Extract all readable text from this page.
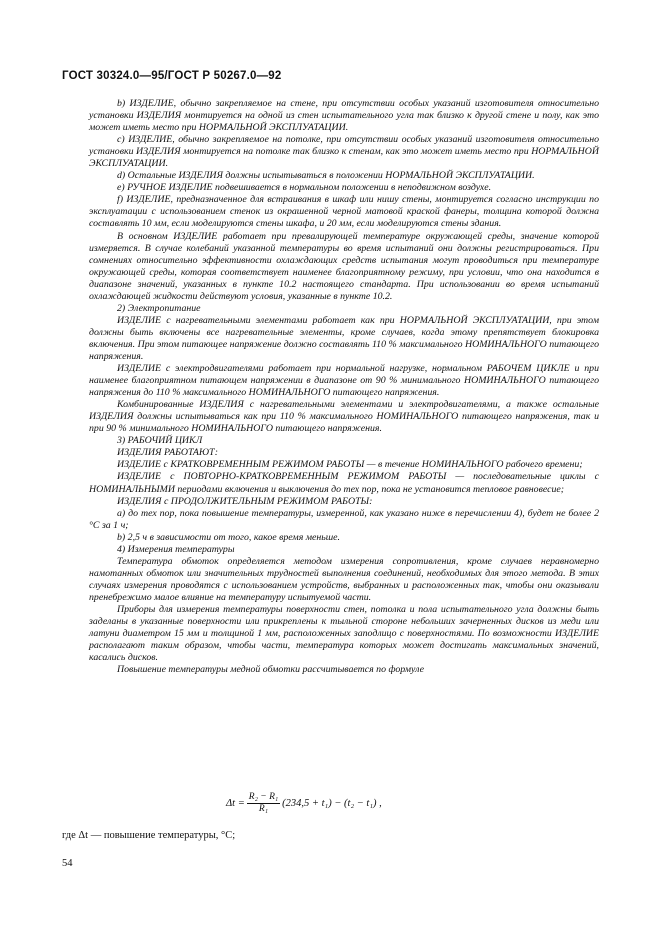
ГОСТ 30324.0—95/ГОСТ Р 50267.0—92

b) ИЗДЕЛИЕ, обычно закрепляемое на стене, при отсутствии особых указаний изготовителя относительно установки ИЗДЕЛИЯ монтируется на одной из стен испытательного угла так близко к другой стене и полу, как это может иметь место при НОРМАЛЬНОЙ ЭКСПЛУАТАЦИИ.

c) ИЗДЕЛИЕ, обычно закрепляемое на потолке, при отсутствии особых указаний изготовителя относительно установки ИЗДЕЛИЯ монтируется на потолке так близко к стенам, как это может иметь место при НОРМАЛЬНОЙ ЭКСПЛУАТАЦИИ.

d) Остальные ИЗДЕЛИЯ должны испытываться в положении НОРМАЛЬНОЙ ЭКСПЛУАТАЦИИ.

e) РУЧНОЕ ИЗДЕЛИЕ подвешивается в нормальном положении в неподвижном воздухе.

f) ИЗДЕЛИЕ, предназначенное для встраивания в шкаф или нишу стены, монтируется согласно инструкции по эксплуатации с использованием стенок из окрашенной черной матовой краской фанеры, толщина которой должна составлять 10 мм, если моделируются стены шкафа, и 20 мм, если моделируются стены здания.

В основном ИЗДЕЛИЕ работает при превалирующей температуре окружающей среды, значение которой измеряется. В случае колебаний указанной температуры во время испытаний они должны регистрироваться. При сомнениях относительно эффективности охлаждающих средств испытания могут проводиться при температуре окружающей среды, которая соответствует наименее благоприятному режиму, при условии, что она находится в диапазоне значений, указанных в пункте 10.2 настоящего стандарта. При использовании во время испытаний охлаждающей жидкости действуют условия, указанные в пункте 10.2.

2) Электропитание

ИЗДЕЛИЕ с нагревательными элементами работает как при НОРМАЛЬНОЙ ЭКСПЛУАТАЦИИ, при этом должны быть включены все нагревательные элементы, кроме случаев, когда этому препятствует блокировка включения. При этом питающее напряжение должно составлять 110 % максимального НОМИНАЛЬНОГО питающего напряжения.

ИЗДЕЛИЕ с электродвигателями работает при нормальной нагрузке, нормальном РАБОЧЕМ ЦИКЛЕ и при наименее благоприятном питающем напряжении в диапазоне от 90 % минимального НОМИНАЛЬНОГО питающего напряжения до 110 % максимального НОМИНАЛЬНОГО питающего напряжения.

Комбинированные ИЗДЕЛИЯ с нагревательными элементами и электродвигателями, а также остальные ИЗДЕЛИЯ должны испытываться как при 110 % максимального НОМИНАЛЬНОГО питающего напряжения, так и при 90 % минимального НОМИНАЛЬНОГО питающего напряжения.

3) РАБОЧИЙ ЦИКЛ

ИЗДЕЛИЯ РАБОТАЮТ:

ИЗДЕЛИЕ с КРАТКОВРЕМЕННЫМ РЕЖИМОМ РАБОТЫ — в течение НОМИНАЛЬНОГО рабочего времени;

ИЗДЕЛИЕ с ПОВТОРНО-КРАТКОВРЕМЕННЫМ РЕЖИМОМ РАБОТЫ — последовательные циклы с НОМИНАЛЬНЫМИ периодами включения и выключения до тех пор, пока не установится тепловое равновесие;

ИЗДЕЛИЯ с ПРОДОЛЖИТЕЛЬНЫМ РЕЖИМОМ РАБОТЫ:

a) до тех пор, пока повышение температуры, измеренной, как указано ниже в перечислении 4), будет не более 2 °С за 1 ч;

b) 2,5 ч в зависимости от того, какое время меньше.

4) Измерения температуры

Температура обмоток определяется методом измерения сопротивления, кроме случаев неравномерно намотанных обмоток или значительных трудностей выполнения соединений, необходимых для этого метода. В этих случаях измерения проводятся с использованием устройств, выбранных и расположенных так, чтобы они оказывали пренебрежимо малое влияние на температуру испытуемой части.

Приборы для измерения температуры поверхности стен, потолка и пола испытательного угла должны быть заделаны в указанные поверхности или прикреплены к тыльной стороне небольших зачерненных дисков из меди или латуни диаметром 15 мм и толщиной 1 мм, расположенных заподлицо с поверхностями. По возможности ИЗДЕЛИЕ располагают таким образом, чтобы части, температура которых может достигать максимальных значений, касались дисков.

Повышение температуры медной обмотки рассчитывается по формуле

$\Delta t = \frac{\text{R₂ − R₁}}{\text{R₁}} (234,5 + t_1) - (t_2 - t_1)$ ,
где Δt — повышение температуры, °С;
54
